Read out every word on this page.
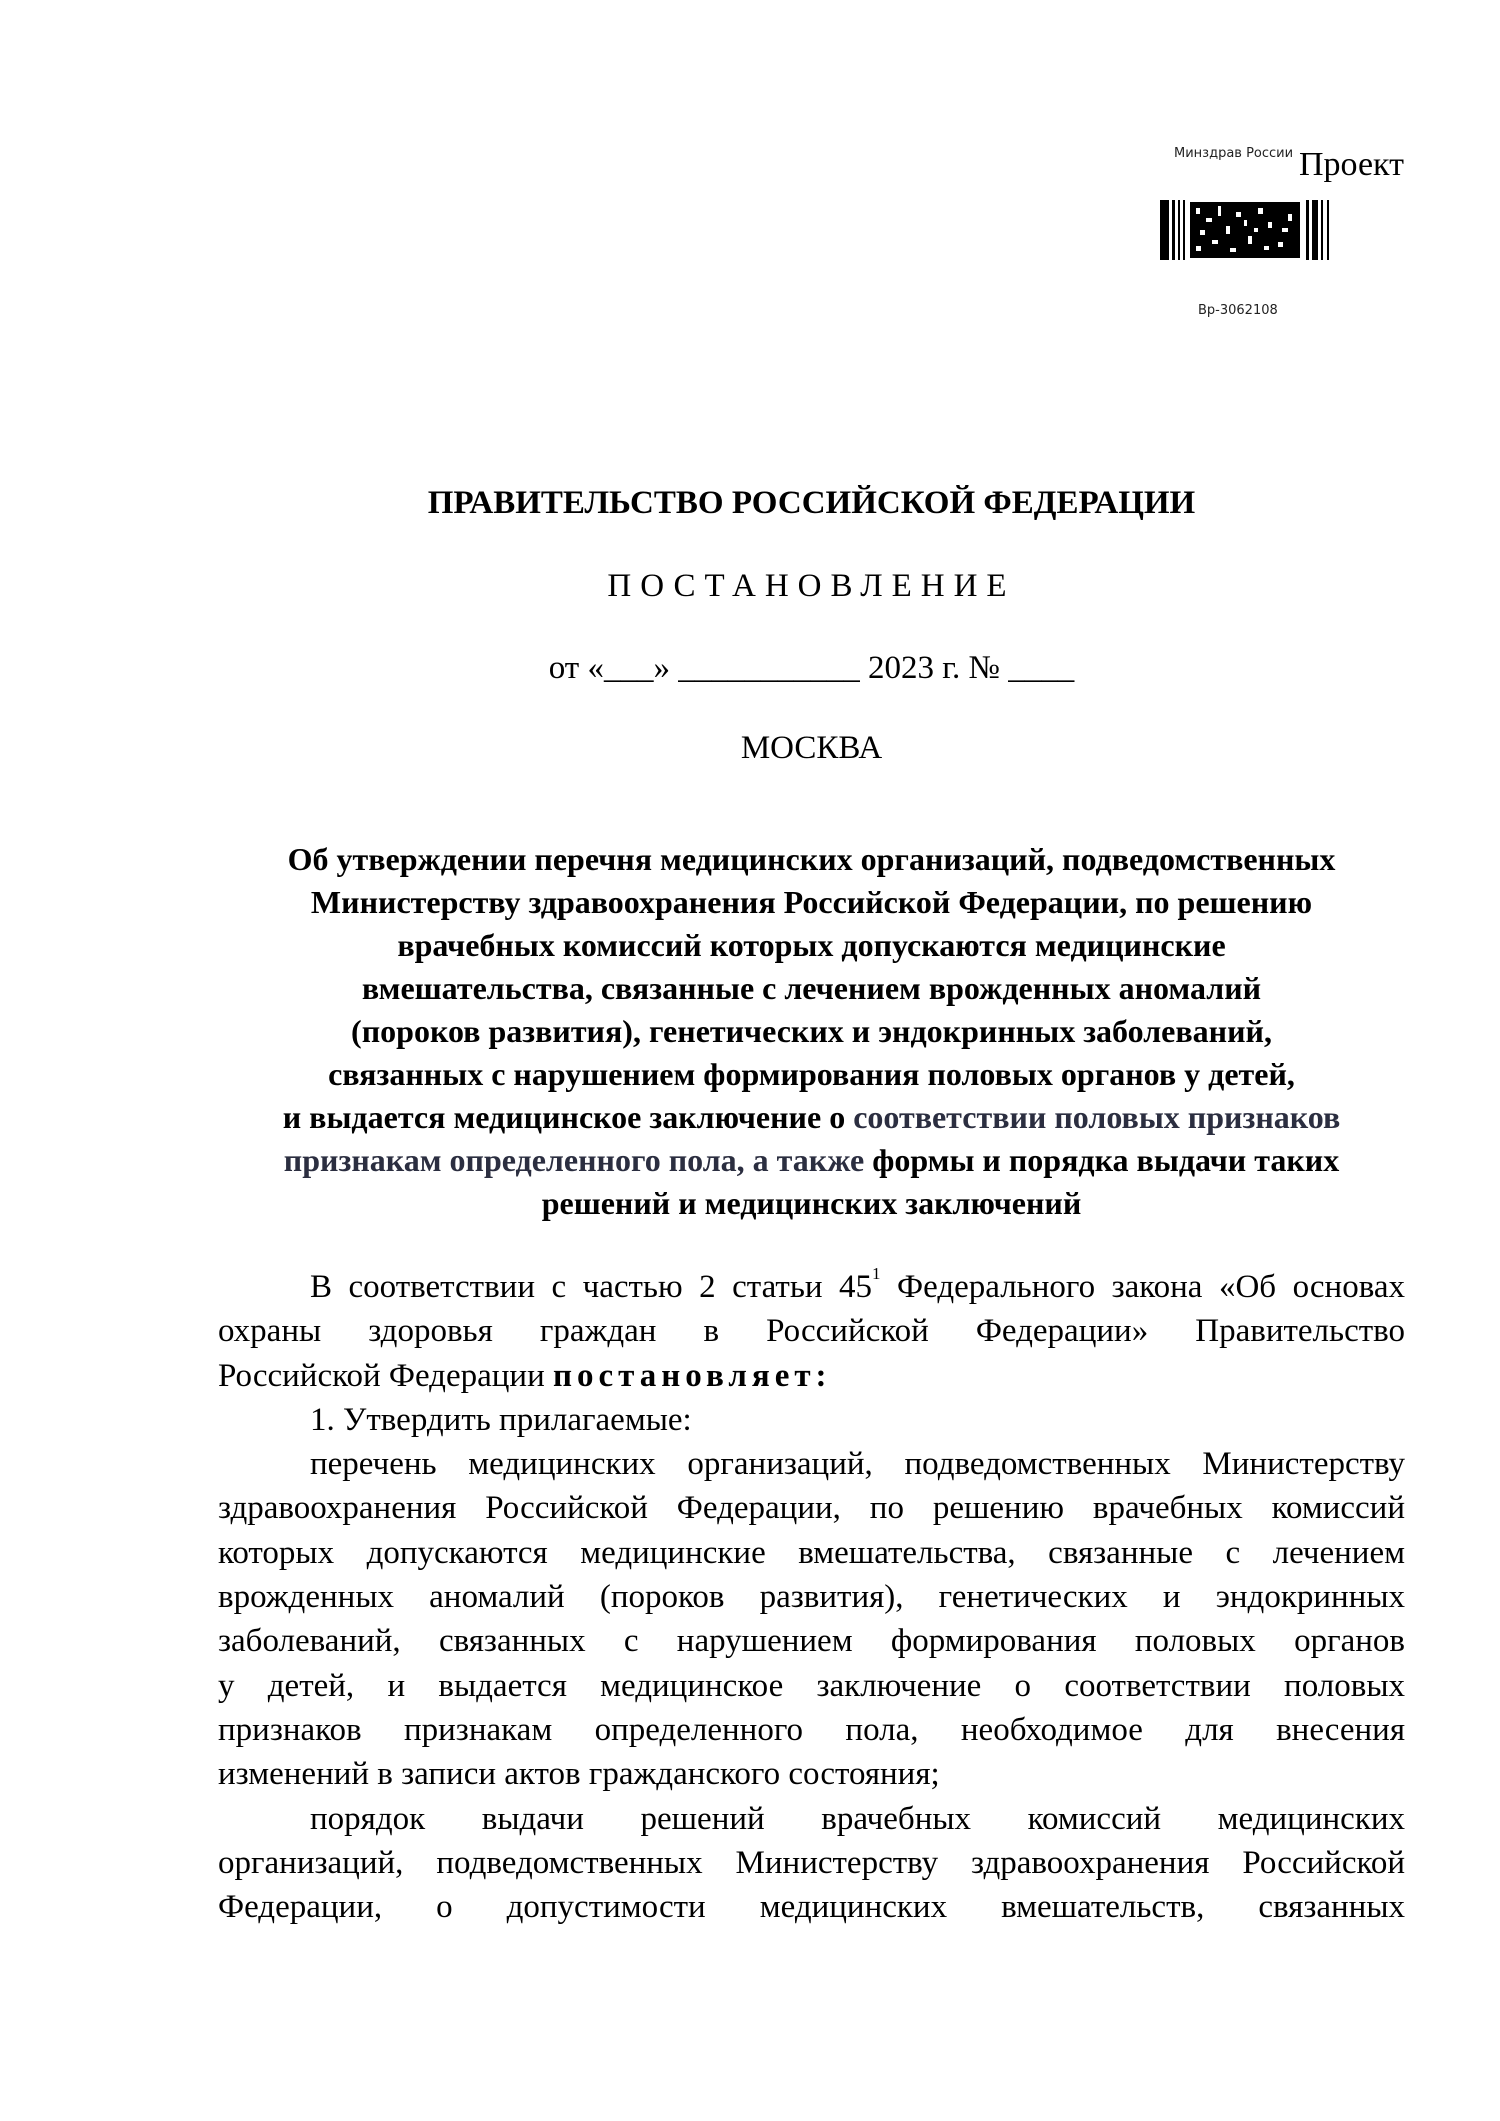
Минздрав России
Вр-3062108
Проект
ПРАВИТЕЛЬСТВО РОССИЙСКОЙ ФЕДЕРАЦИИ
ПОСТАНОВЛЕНИЕ
от «___» ___________ 2023 г. № ____
МОСКВА
Об утверждении перечня медицинских организаций, подведомственных
Министерству здравоохранения Российской Федерации, по решению
врачебных комиссий которых допускаются медицинские
вмешательства, связанные с лечением врожденных аномалий
(пороков развития), генетических и эндокринных заболеваний,
связанных с нарушением формирования половых органов у детей,
и выдается медицинское заключение о соответствии половых признаков
признакам определенного пола, а также формы и порядка выдачи таких
решений и медицинских заключений
В соответствии с частью 2 статьи $45^1$ Федерального закона «Об основах
охраны здоровья граждан в Российской Федерации» Правительство
Российской Федерации постановляет:
1. Утвердить прилагаемые:
перечень медицинских организаций, подведомственных Министерству
здравоохранения Российской Федерации, по решению врачебных комиссий
которых допускаются медицинские вмешательства, связанные с лечением
врожденных аномалий (пороков развития), генетических и эндокринных
заболеваний, связанных с нарушением формирования половых органов
у детей, и выдается медицинское заключение о соответствии половых
признаков признакам определенного пола, необходимое для внесения
изменений в записи актов гражданского состояния;
порядок выдачи решений врачебных комиссий медицинских
организаций, подведомственных Министерству здравоохранения Российской
Федерации, о допустимости медицинских вмешательств, связанных
